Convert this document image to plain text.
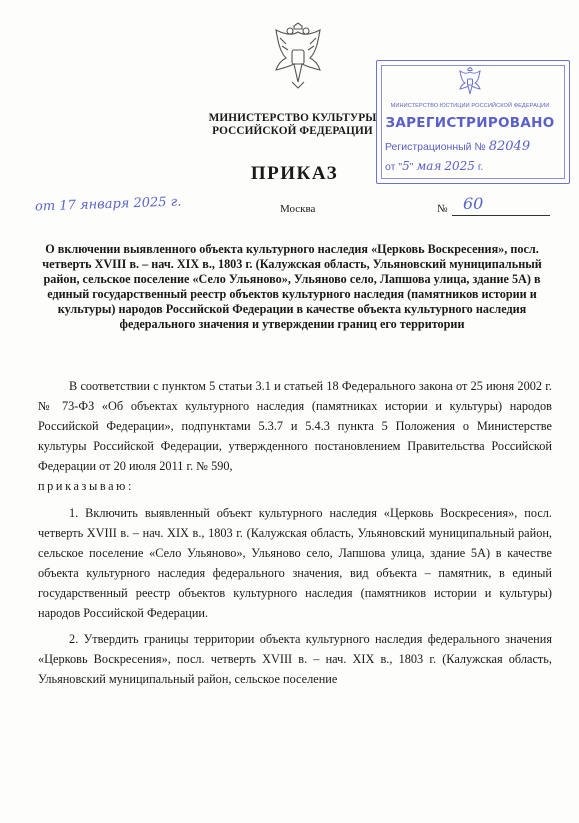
МИНИСТЕРСТВО КУЛЬТУРЫ
РОССИЙСКОЙ ФЕДЕРАЦИИ
ПРИКАЗ
от 17 января 2025 г.	Москва	№ 60
МИНИСТЕРСТВО ЮСТИЦИИ РОССИЙСКОЙ ФЕДЕРАЦИИ
ЗАРЕГИСТРИРОВАНО
Регистрационный № 82049
от "5" мая 2025 г.
О включении выявленного объекта культурного наследия «Церковь Воскресения», посл. четверть XVIII в. – нач. XIX в., 1803 г. (Калужская область, Ульяновский муниципальный район, сельское поселение «Село Ульяново», Ульяново село, Лапшова улица, здание 5А) в единый государственный реестр объектов культурного наследия (памятников истории и культуры) народов Российской Федерации в качестве объекта культурного наследия федерального значения и утверждении границ его территории

В соответствии с пунктом 5 статьи 3.1 и статьей 18 Федерального закона от 25 июня 2002 г. № 73-ФЗ «Об объектах культурного наследия (памятниках истории и культуры) народов Российской Федерации», подпунктами 5.3.7 и 5.4.3 пункта 5 Положения о Министерстве культуры Российской Федерации, утвержденного постановлением Правительства Российской Федерации от 20 июля 2011 г. № 590,
приказываю:

1. Включить выявленный объект культурного наследия «Церковь Воскресения», посл. четверть XVIII в. – нач. XIX в., 1803 г. (Калужская область, Ульяновский муниципальный район, сельское поселение «Село Ульяново», Ульяново село, Лапшова улица, здание 5А) в качестве объекта культурного наследия федерального значения, вид объекта – памятник, в единый государственный реестр объектов культурного наследия (памятников истории и культуры) народов Российской Федерации.

2. Утвердить границы территории объекта культурного наследия федерального значения «Церковь Воскресения», посл. четверть XVIII в. – нач. XIX в., 1803 г. (Калужская область, Ульяновский муниципальный район, сельское поселение
